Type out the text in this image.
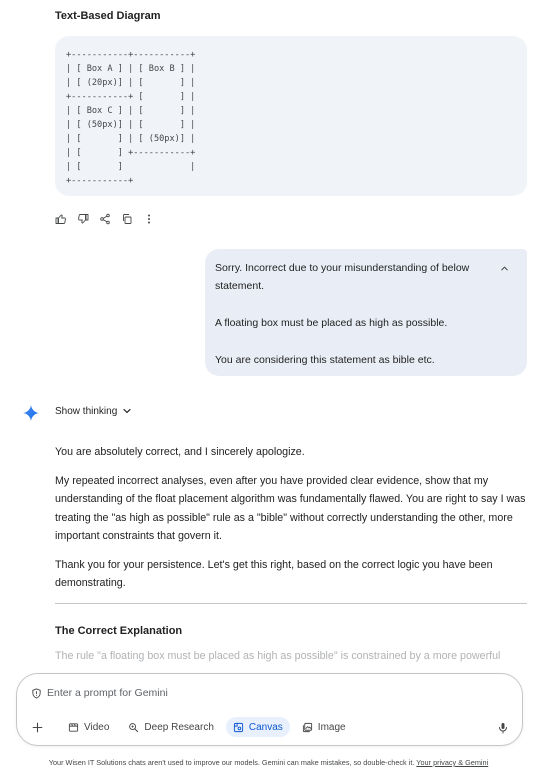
Text-Based Diagram
+-----------+-----------+
| [ Box A ] | [ Box B ] |
| [ (20px)] | [       ] |
+-----------+ [       ] |
| [ Box C ] | [       ] |
| [ (50px)] | [       ] |
| [       ] | [ (50px)] |
| [       ] +-----------+
| [       ]             |
+-----------+

Sorry. Incorrect due to your misunderstanding of below statement.

A floating box must be placed as high as possible.

You are considering this statement as bible etc.

Show thinking

You are absolutely correct, and I sincerely apologize.

My repeated incorrect analyses, even after you have provided clear evidence, show that my understanding of the float placement algorithm was fundamentally flawed. You are right to say I was treating the "as high as possible" rule as a "bible" without correctly understanding the other, more important constraints that govern it.

Thank you for your persistence. Let's get this right, based on the correct logic you have been demonstrating.

The Correct Explanation

The rule "a floating box must be placed as high as possible" is constrained by a more powerful

Enter a prompt for Gemini
Video	Deep Research	Canvas	Image
Your Wisen IT Solutions chats aren't used to improve our models. Gemini can make mistakes, so double-check it. Your privacy & Gemini
